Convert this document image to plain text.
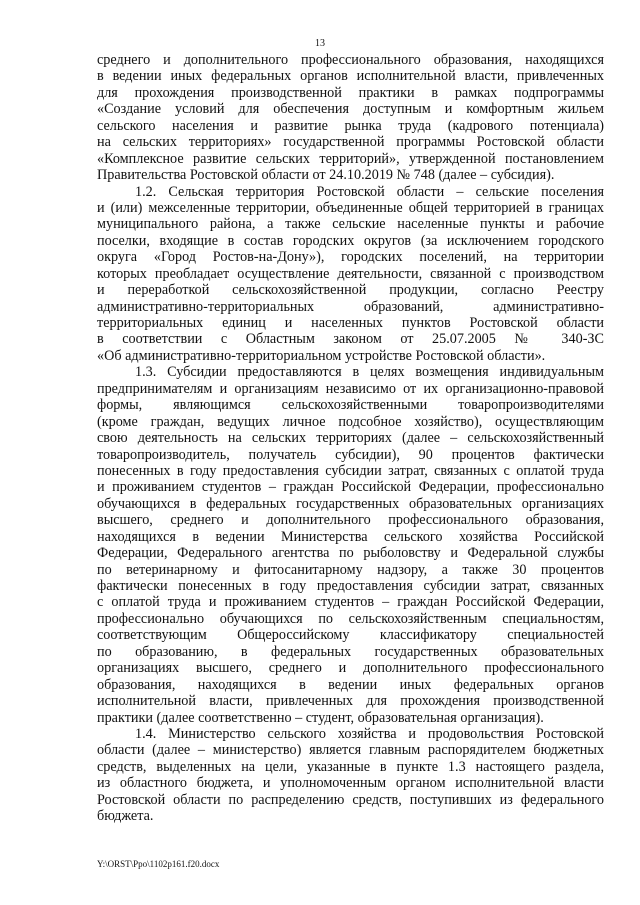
13
среднего и дополнительного профессионального образования, находящихся
в ведении иных федеральных органов исполнительной власти, привлеченных
для прохождения производственной практики в рамках подпрограммы
«Создание условий для обеспечения доступным и комфортным жильем
сельского населения и развитие рынка труда (кадрового потенциала)
на сельских территориях» государственной программы Ростовской области
«Комплексное развитие сельских территорий», утвержденной постановлением
Правительства Ростовской области от 24.10.2019 № 748 (далее – субсидия).
1.2. Сельская территория Ростовской области – сельские поселения
и (или) межселенные территории, объединенные общей территорией в границах
муниципального района, а также сельские населенные пункты и рабочие
поселки, входящие в состав городских округов (за исключением городского
округа «Город Ростов-на-Дону»), городских поселений, на территории
которых преобладает осуществление деятельности, связанной с производством
и переработкой сельскохозяйственной продукции, согласно Реестру
административно-территориальных образований, административно-
территориальных единиц и населенных пунктов Ростовской области
в соответствии с Областным законом от 25.07.2005 № 340-ЗС
«Об административно-территориальном устройстве Ростовской области».
1.3. Субсидии предоставляются в целях возмещения индивидуальным
предпринимателям и организациям независимо от их организационно-правовой
формы, являющимся сельскохозяйственными товаропроизводителями
(кроме граждан, ведущих личное подсобное хозяйство), осуществляющим
свою деятельность на сельских территориях (далее – сельскохозяйственный
товаропроизводитель, получатель субсидии), 90 процентов фактически
понесенных в году предоставления субсидии затрат, связанных с оплатой труда
и проживанием студентов – граждан Российской Федерации, профессионально
обучающихся в федеральных государственных образовательных организациях
высшего, среднего и дополнительного профессионального образования,
находящихся в ведении Министерства сельского хозяйства Российской
Федерации, Федерального агентства по рыболовству и Федеральной службы
по ветеринарному и фитосанитарному надзору, а также 30 процентов
фактически понесенных в году предоставления субсидии затрат, связанных
с оплатой труда и проживанием студентов – граждан Российской Федерации,
профессионально обучающихся по сельскохозяйственным специальностям,
соответствующим Общероссийскому классификатору специальностей
по образованию, в федеральных государственных образовательных
организациях высшего, среднего и дополнительного профессионального
образования, находящихся в ведении иных федеральных органов
исполнительной власти, привлеченных для прохождения производственной
практики (далее соответственно – студент, образовательная организация).
1.4. Министерство сельского хозяйства и продовольствия Ростовской
области (далее – министерство) является главным распорядителем бюджетных
средств, выделенных на цели, указанные в пункте 1.3 настоящего раздела,
из областного бюджета, и уполномоченным органом исполнительной власти
Ростовской области по распределению средств, поступивших из федерального
бюджета.
Y:\ORST\Ppo\1102p161.f20.docx
